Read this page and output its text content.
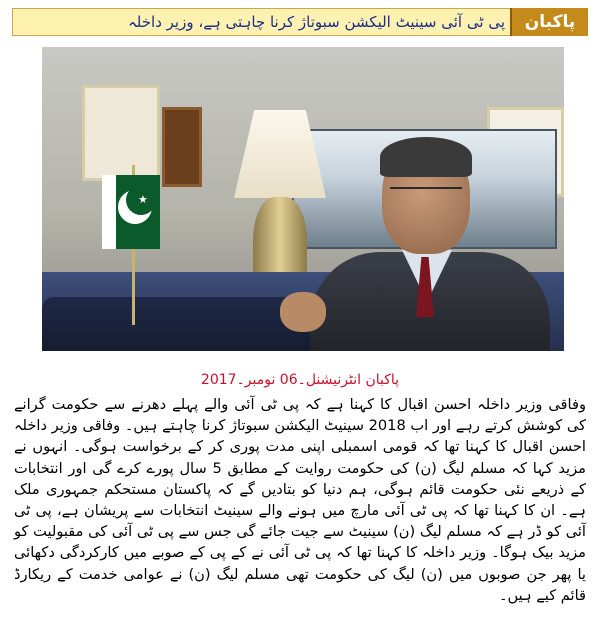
پی ٹی آئی سینیٹ الیکشن سبوتاژ کرنا چاہتی ہے، وزیر داخلہ	پاکبان
★
پاکبان انٹرنیشنل۔06 نومبر۔2017
وفاقی وزیر داخلہ احسن اقبال کا کہنا ہے کہ پی ٹی آئی والے پہلے دھرنے سے حکومت گرانے کی کوشش کرتے رہے اور اب 2018 سینیٹ الیکشن سبوتاژ کرنا چاہتے ہیں۔ وفاقی وزیر داخلہ احسن اقبال کا کہنا تھا کہ قومی اسمبلی اپنی مدت پوری کر کے برخواست ہوگی۔ انہوں نے مزید کہا کہ مسلم لیگ (ن) کی حکومت روایت کے مطابق 5 سال پورے کرے گی اور انتخابات کے ذریعے نئی حکومت قائم ہوگی، ہم دنیا کو بتادیں گے کہ پاکستان مستحکم جمہوری ملک ہے۔ ان کا کہنا تھا کہ پی ٹی آئی مارچ میں ہونے والے سینیٹ انتخابات سے پریشان ہے، پی ٹی آئی کو ڈر ہے کہ مسلم لیگ (ن) سینیٹ سے جیت جائے گی جس سے پی ٹی آئی کی مقبولیت کو مزید بیک ہوگا۔ وزیر داخلہ کا کہنا تھا کہ پی ٹی آئی نے کے پی کے صوبے میں کارکردگی دکھائی یا پھر جن صوبوں میں (ن) لیگ کی حکومت تھی مسلم لیگ (ن) نے عوامی خدمت کے ریکارڈ قائم کیے ہیں۔
